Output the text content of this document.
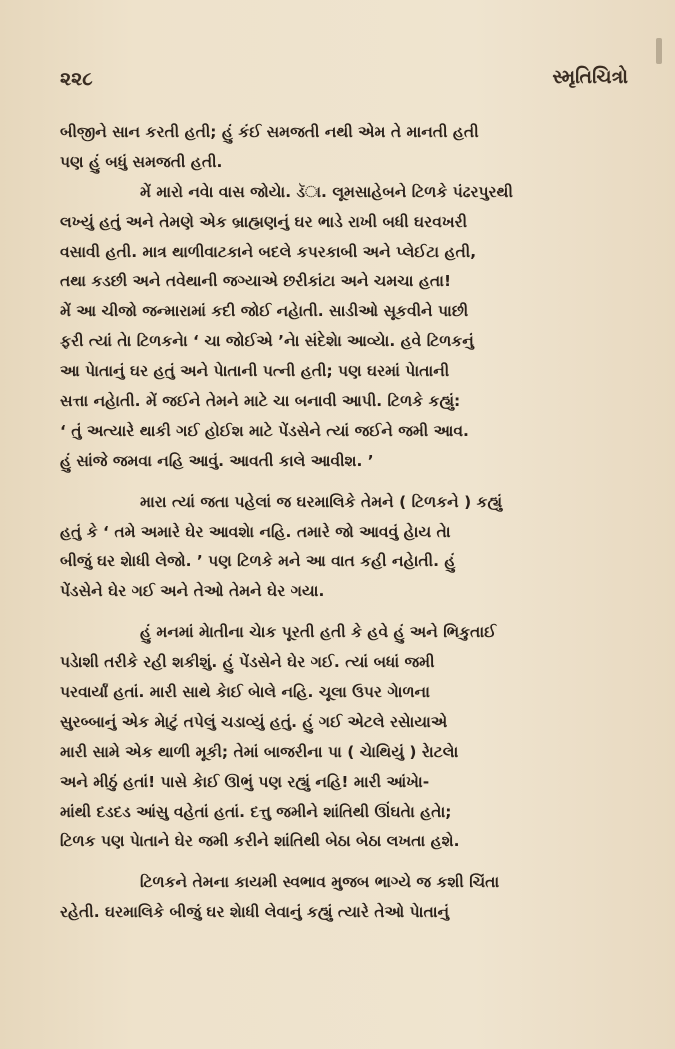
૨૨૮	સ્મૃતિચિત્રો
બીજીને સાન કરતી હતી; હું કંઈ સમજતી નથી એમ તે માનતી હતી
પણ હું બધું સમજતી હતી.
મેં મારો નવેા વાસ જોયેા. ડૅા. લૂમસાહેબને ટિળકે પંઢરપુરથી
લખ્યું હતું અને તેમણે એક બ્રાહ્મણનું ઘર ભાડે રાખી બધી ઘરવખરી
વસાવી હતી. માત્ર થાળીવાટકાને બદલે કપરકાબી અને પ્લેઈટા હતી,
તથા કડછી અને તવેથાની જગ્યાએ છરીકાંટા અને ચમચા હતા!
મેં આ ચીજો જન્મારામાં કદી જોઈ નહેાતી. સાડીઓ સૂકવીને પાછી
ફરી ત્યાં તેા ટિળકનેા ‘ ચા જોઈએ ’નેા સંદેશેા આવ્યેા. હવે ટિળકનું
આ પેાતાનું ઘર હતું અને પેાતાની પત્ની હતી; પણ ઘરમાં પેાતાની
સત્તા નહેાતી. મેં જઈને તેમને માટે ચા બનાવી આપી. ટિળકે કહ્યું:
‘ તું અત્યારે થાકી ગઈ હોઈશ માટે પેંડસેને ત્યાં જઈને જમી આવ.
હું સાંજે જમવા નહિ આવું. આવતી કાલે આવીશ. ’
મારા ત્યાં જતા પહેલાં જ ઘરમાલિકે તેમને ( ટિળકને ) કહ્યું
હતું કે ‘ તમે અમારે ઘેર આવશેા નહિ. તમારે જો આવવું હાેય તેા
બીજું ઘર શેાધી લેજો. ’ પણ ટિળકે મને આ વાત કહી નહેાતી. હું
પેંડસેને ઘેર ગઈ અને તેઓ તેમને ઘેર ગયા.
હું મનમાં મેાતીના ચેાક પૂરતી હતી કે હવે હું અને ભિકુતાઈ
પડેાશી તરીકે રહી શકીશું. હું પેંડસેને ઘેર ગઈ. ત્યાં બધાં જમી
પરવાર્યાં હતાં. મારી સાથે કેાઈ બેાલે નહિ. ચૂલા ઉપર ગેાળના
સુરબ્બાનું એક મેાટું તપેલું ચડાવ્યું હતું. હું ગઈ એટલે રસેાયાએ
મારી સામે એક થાળી મૂકી; તેમાં બાજરીના પા ( ચેાથિયું ) રેાટલેા
અને મીઠું હતાં! પાસે કેાઈ ઊભું પણ રહ્યું નહિ! મારી આંખેા-
માંથી દડદડ આંસુ વહેતાં હતાં. દત્તુ જમીને શાંતિથી ઊંઘતેા હતેા;
ટિળક પણ પેાતાને ઘેર જમી કરીને શાંતિથી બેઠા બેઠા લખતા હશે.
ટિળકને તેમના કાયમી સ્વભાવ મુજબ ભાગ્યે જ કશી ચિંતા
રહેતી. ઘરમાલિકે બીજું ઘર શેાધી લેવાનું કહ્યું ત્યારે તેઓ પેાતાનું
